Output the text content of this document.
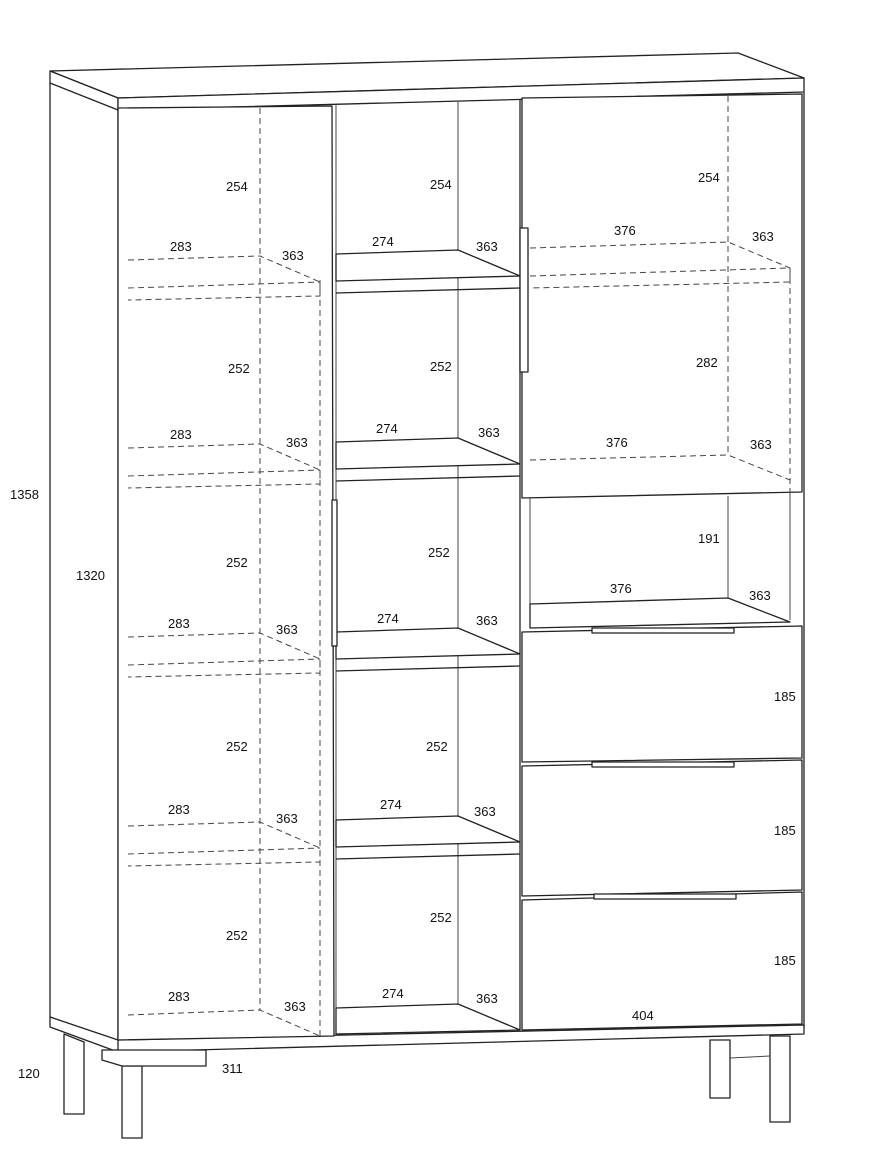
1358
1320
120	311
404
254
252
252
252
252
283
283
283
283
283
363
363
363
363
363
254
252
252
252
252
274
274
274
274
274
363
363
363
363
363
254
282
191
376
376
376
363
363
363
185
185
185
